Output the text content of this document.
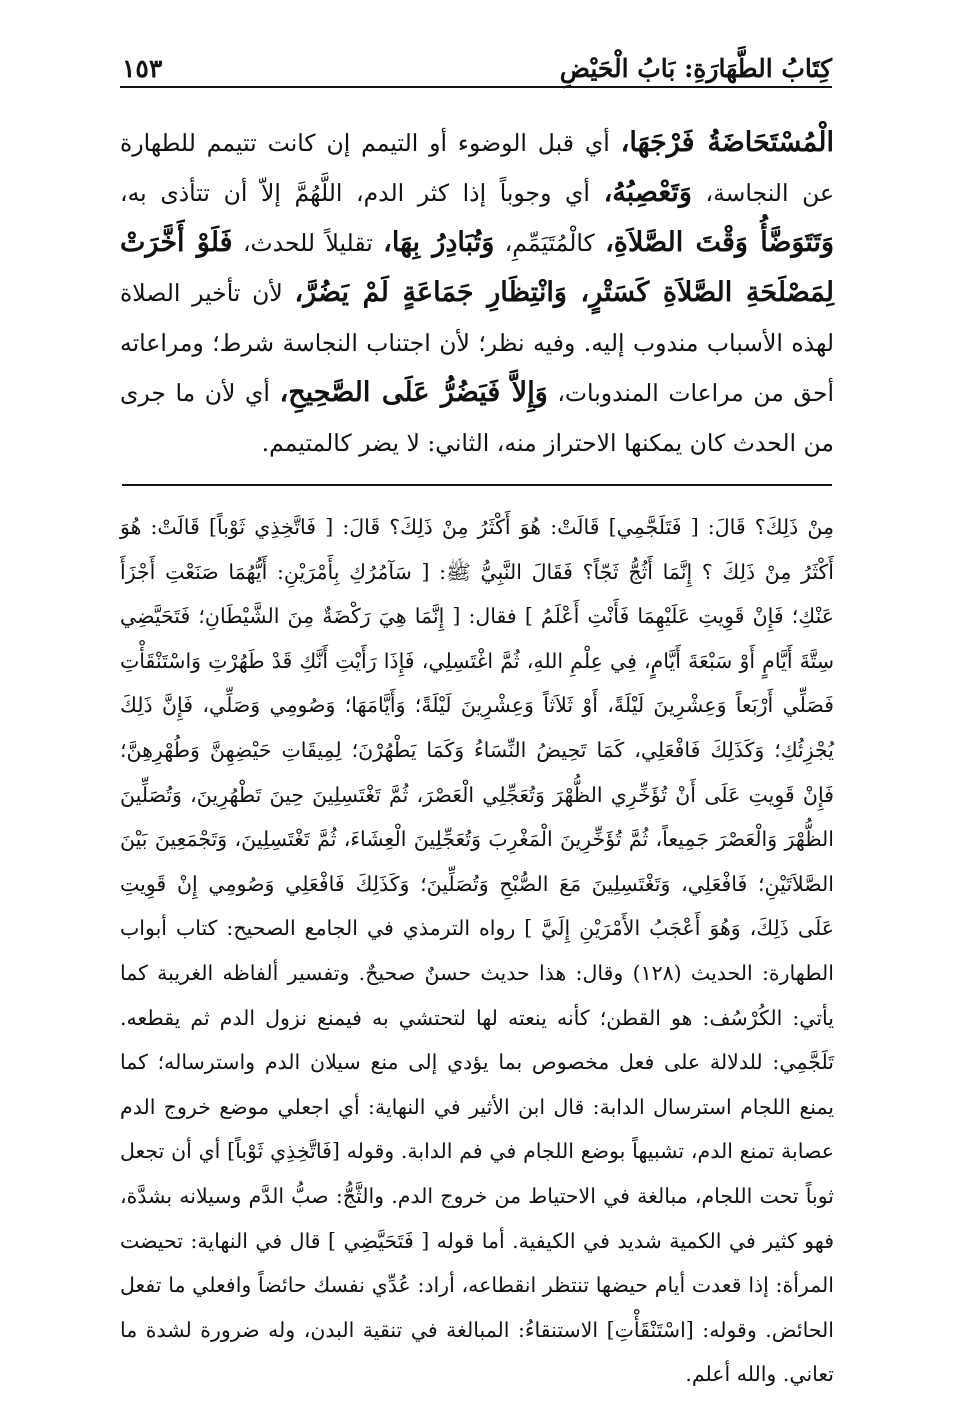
كِتَابُ الطَّهَارَةِ: بَابُ الْحَيْضِ
١٥٣
الْمُسْتَحَاضَةُ فَرْجَهَا، أي قبل الوضوء أو التيمم إن كانت تتيمم للطهارة عن النجاسة، وَتَعْصِبُهُ، أي وجوباً إذا كثر الدم، اللَّهُمَّ إلاّ أن تتأذى به، وَتَتَوَضَّأُ وَقْتَ الصَّلاَةِ، كالْمُتَيَمِّمِ، وَتُبَادِرُ بِهَا، تقليلاً للحدث، فَلَوْ أَخَّرَتْ لِمَصْلَحَةِ الصَّلاَةِ كَسَتْرٍ، وَانْتِظَارِ جَمَاعَةٍ لَمْ يَضُرَّ، لأن تأخير الصلاة لهذه الأسباب مندوب إليه. وفيه نظر؛ لأن اجتناب النجاسة شرط؛ ومراعاته أحق من مراعات المندوبات، وَإِلاَّ فَيَضُرُّ عَلَى الصَّحِيحِ، أي لأن ما جرى من الحدث كان يمكنها الاحتراز منه، الثاني: لا يضر كالمتيمم.

مِنْ ذَلِكَ؟ قَالَ: [ فَتَلَجَّمِي] قَالَتْ: هُوَ أَكْثَرُ مِنْ ذَلِكَ؟ قَالَ: [ فَاتَّخِذِي ثَوْباً] قَالَتْ: هُوَ أَكْثَرُ مِنْ ذَلِكَ ؟ إِنَّمَا أَثُجُّ ثَجّاً؟ فَقَالَ النَّبِيُّ ﷺ: [ سَآمُرُكِ بِأَمْرَيْنِ: أَيُّهُمَا صَنَعْتِ أَجْزَأَ عَنْكِ؛ فَإِنْ قَوِيتِ عَلَيْهِمَا فَأَنْتِ أَعْلَمُ ] فقال: [ إِنَّمَا هِيَ رَكْضَةٌ مِنَ الشَّيْطَانِ؛ فَتَحَيَّضِي سِتَّةَ أَيَّامٍ أَوْ سَبْعَةَ أَيَّامٍ، فِي عِلْمِ اللهِ، ثُمَّ اغْتَسِلِي، فَإِذَا رَأَيْتِ أَنَّكِ قَدْ طَهُرْتِ وَاسْتَنْقَأْتِ فَصَلِّي أَرْبَعاً وَعِشْرِينَ لَيْلَةً، أَوْ ثَلاَثاً وَعِشْرِينَ لَيْلَةً؛ وَأَيَّامَهَا؛ وَصُومِي وَصَلِّي، فَإِنَّ ذَلِكَ يُجْزِئُكِ؛ وَكَذَلِكَ فَافْعَلِي، كَمَا تَحِيضُ النِّسَاءُ وَكَمَا يَطْهُرْنَ؛ لِمِيقَاتِ حَيْضِهِنَّ وَطُهْرِهِنَّ؛ فَإِنْ قَوِيتِ عَلَى أَنْ تُؤَخِّرِي الظُّهْرَ وَتُعَجِّلِي الْعَصْرَ، ثُمَّ تَغْتَسِلِينَ حِينَ تَطْهُرِينَ، وَتُصَلِّينَ الظُّهْرَ وَالْعَصْرَ جَمِيعاً، ثُمَّ تُؤَخِّرِينَ الْمَغْرِبَ وَتُعَجِّلِينَ الْعِشَاءَ، ثُمَّ تَغْتَسِلِينَ، وَتَجْمَعِينَ بَيْنَ الصَّلاَتَيْنِ؛ فَافْعَلِي، وَتَغْتَسِلِينَ مَعَ الصُّبْحِ وَتُصَلِّينَ؛ وَكَذَلِكَ فَافْعَلِي وَصُومِي إِنْ قَوِيتِ عَلَى ذَلِكَ، وَهُوَ أَعْجَبُ الأَمْرَيْنِ إِلَيَّ ] رواه الترمذي في الجامع الصحيح: كتاب أبواب الطهارة: الحديث (١٢٨) وقال: هذا حديث حسنٌ صحيحٌ. وتفسير ألفاظه الغريبة كما يأتي: الكُرْسُف: هو القطن؛ كأنه ينعته لها لتحتشي به فيمنع نزول الدم ثم يقطعه. تَلَجَّمِي: للدلالة على فعل مخصوص بما يؤدي إلى منع سيلان الدم واسترساله؛ كما يمنع اللجام استرسال الدابة: قال ابن الأثير في النهاية: أي اجعلي موضع خروج الدم عصابة تمنع الدم، تشبيهاً بوضع اللجام في فم الدابة. وقوله [فَاتَّخِذِي ثَوْباً] أي أن تجعل ثوباً تحت اللجام، مبالغة في الاحتياط من خروج الدم. والثَّجُّ: صبُّ الدَّم وسيلانه بشدَّة، فهو كثير في الكمية شديد في الكيفية. أما قوله [ فَتَحَيَّضِي ] قال في النهاية: تحيضت المرأة: إذا قعدت أيام حيضها تنتظر انقطاعه، أراد: عُدِّي نفسك حائضاً وافعلي ما تفعل الحائض. وقوله: [اسْتَنْقَأْتِ] الاستنقاءُ: المبالغة في تنقية البدن، وله ضرورة لشدة ما تعاني. والله أعلم.
